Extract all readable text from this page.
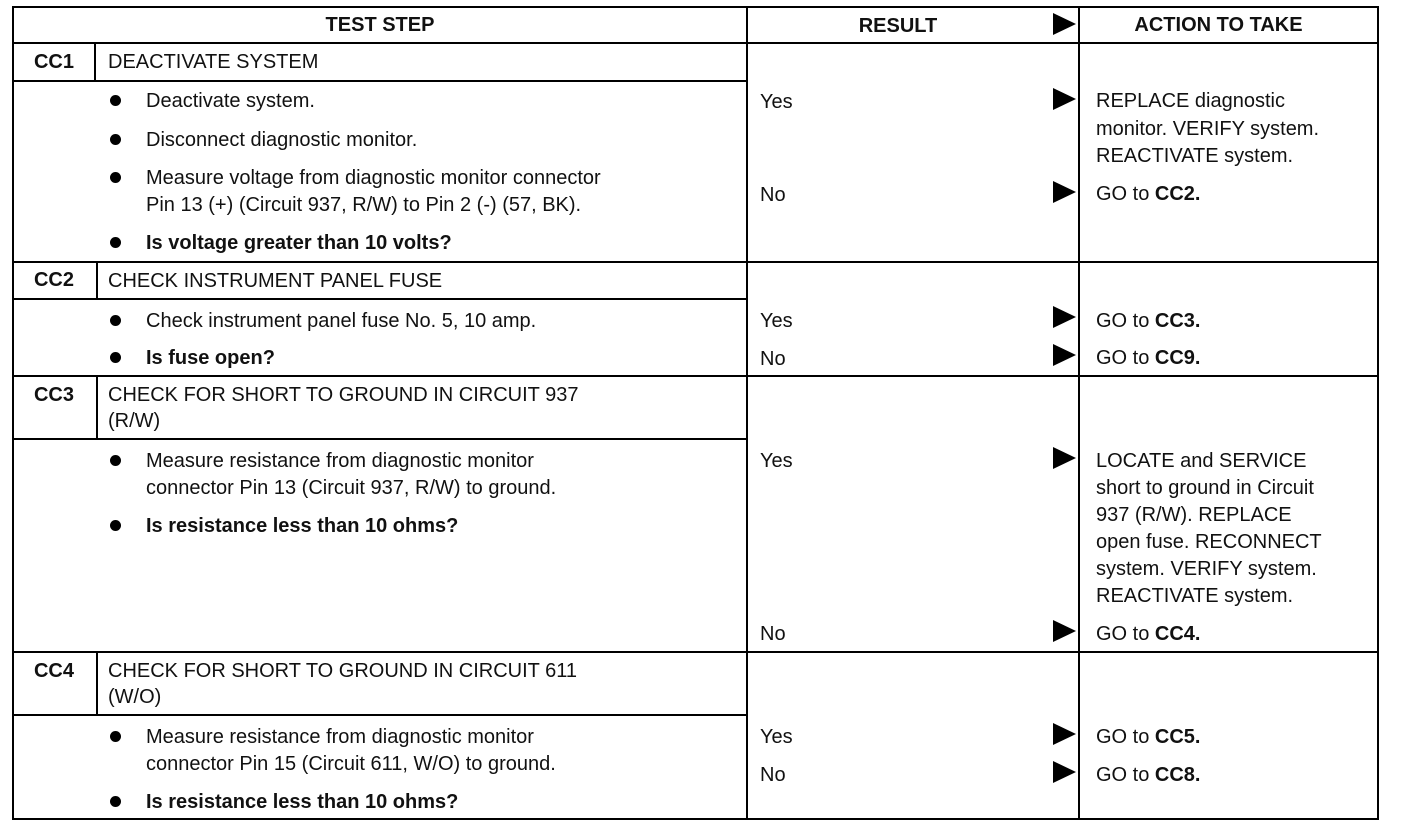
TEST STEP	RESULT	ACTION TO TAKE
CC1	DEACTIVATE SYSTEM
Deactivate system.
Disconnect diagnostic monitor.
Measure voltage from diagnostic monitor connector
Pin 13 (+) (Circuit 937, R/W) to Pin 2 (-) (57, BK).
Is voltage greater than 10 volts?
Yes	REPLACE diagnostic
monitor. VERIFY system.
REACTIVATE system.
No	GO to CC2.
CC2	CHECK INSTRUMENT PANEL FUSE
Check instrument panel fuse No. 5, 10 amp.
Is fuse open?
Yes	GO to CC3.
No	GO to CC9.
CC3	CHECK FOR SHORT TO GROUND IN CIRCUIT 937
(R/W)
Measure resistance from diagnostic monitor
connector Pin 13 (Circuit 937, R/W) to ground.
Is resistance less than 10 ohms?
Yes	LOCATE and SERVICE
short to ground in Circuit
937 (R/W). REPLACE
open fuse. RECONNECT
system. VERIFY system.
REACTIVATE system.
No	GO to CC4.
CC4	CHECK FOR SHORT TO GROUND IN CIRCUIT 611
(W/O)
Measure resistance from diagnostic monitor
connector Pin 15 (Circuit 611, W/O) to ground.
Is resistance less than 10 ohms?
Yes	GO to CC5.
No	GO to CC8.
